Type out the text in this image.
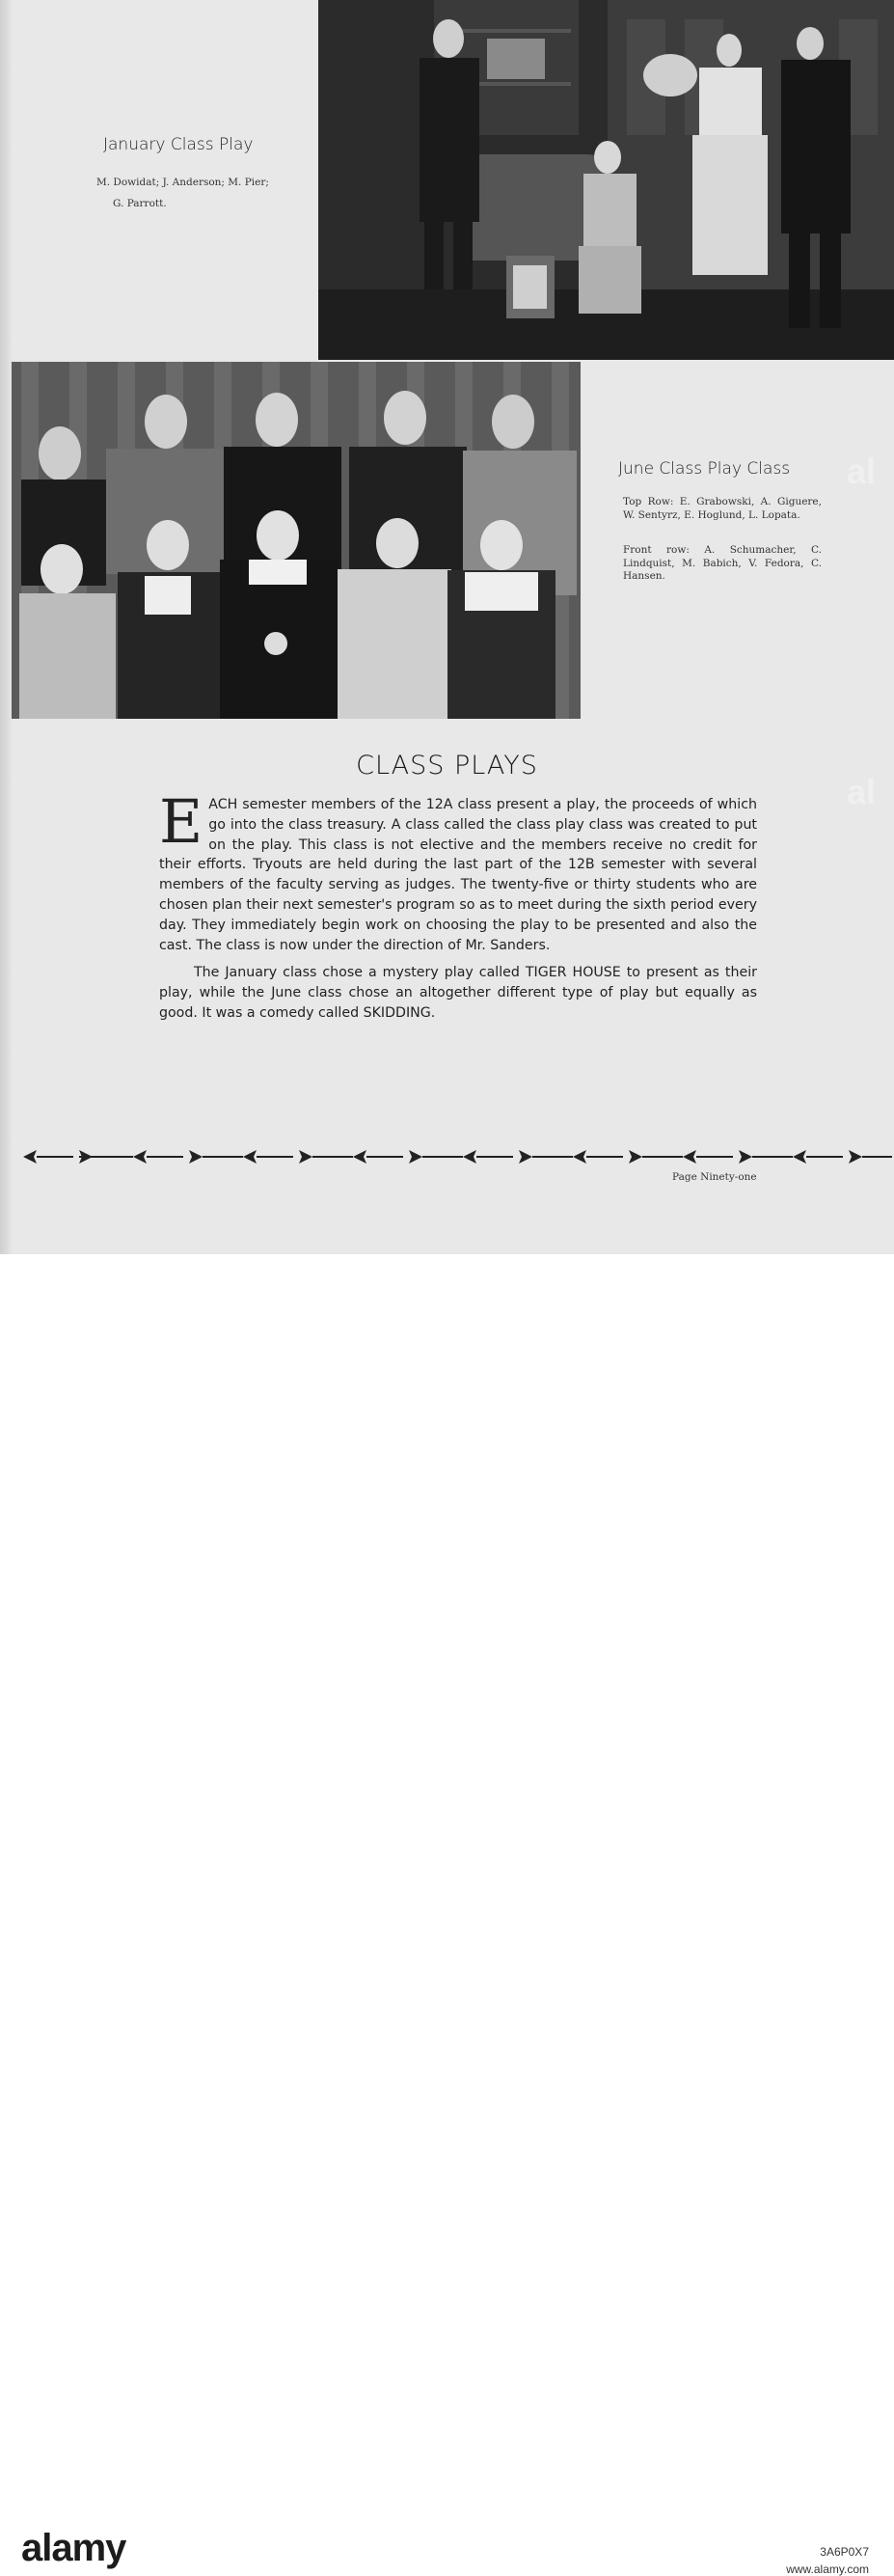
January Class Play
M. Dowidat; J. Anderson; M. Pier;
G. Parrott.
June Class Play Class
Top Row: E. Grabowski, A. Giguere, W. Sentyrz, E. Hoglund, L. Lopata.
Front row: A. Schumacher, C. Lindquist, M. Babich, V. Fedora, C. Hansen.
CLASS PLAYS

EACH semester members of the 12A class present a play, the proceeds of which go into the class treasury. A class called the class play class was created to put on the play. This class is not elective and the members receive no credit for their efforts. Tryouts are held during the last part of the 12B semester with several members of the faculty serving as judges. The twenty-five or thirty students who are chosen plan their next semester's program so as to meet during the sixth period every day. They immediately begin work on choosing the play to be presented and also the cast. The class is now under the direction of Mr. Sanders.

The January class chose a mystery play called TIGER HOUSE to present as their play, while the June class chose an altogether different type of play but equally as good. It was a comedy called SKIDDING.

Page Ninety-one
al
al
alamy	3A6P0X7
www.alamy.com
